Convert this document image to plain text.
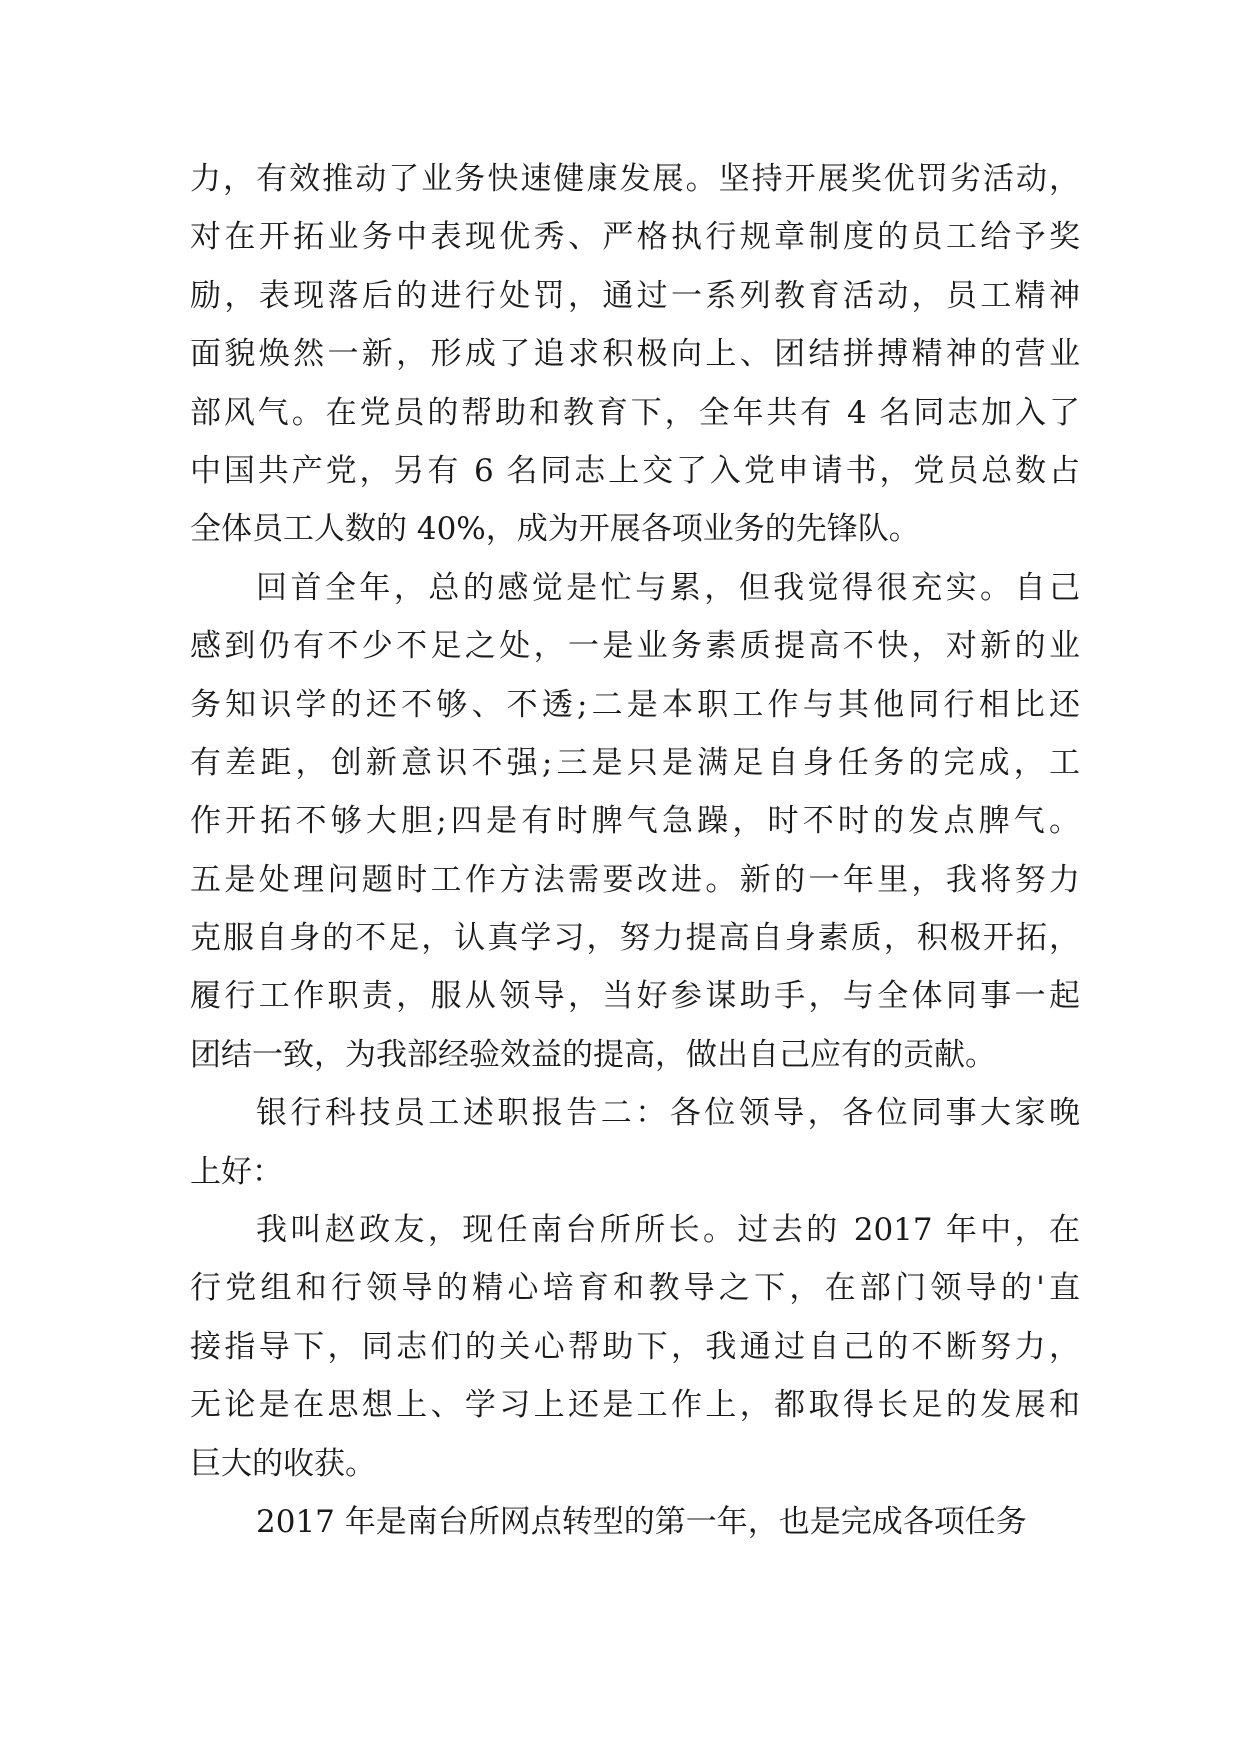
力，有效推动了业务快速健康发展。坚持开展奖优罚劣活动，
对在开拓业务中表现优秀、严格执行规章制度的员工给予奖
励，表现落后的进行处罚，通过一系列教育活动，员工精神
面貌焕然一新，形成了追求积极向上、团结拼搏精神的营业
部风气。在党员的帮助和教育下，全年共有 4 名同志加入了
中国共产党，另有 6 名同志上交了入党申请书，党员总数占
全体员工人数的 40%，成为开展各项业务的先锋队。
回首全年，总的感觉是忙与累，但我觉得很充实。自己
感到仍有不少不足之处，一是业务素质提高不快，对新的业
务知识学的还不够、不透;二是本职工作与其他同行相比还
有差距，创新意识不强;三是只是满足自身任务的完成，工
作开拓不够大胆;四是有时脾气急躁，时不时的发点脾气。
五是处理问题时工作方法需要改进。新的一年里，我将努力
克服自身的不足，认真学习，努力提高自身素质，积极开拓，
履行工作职责，服从领导，当好参谋助手，与全体同事一起
团结一致，为我部经验效益的提高，做出自己应有的贡献。
银行科技员工述职报告二：各位领导，各位同事大家晚
上好：
我叫赵政友，现任南台所所长。过去的 2017 年中，在
行党组和行领导的精心培育和教导之下，在部门领导的'直
接指导下，同志们的关心帮助下，我通过自己的不断努力，
无论是在思想上、学习上还是工作上，都取得长足的发展和
巨大的收获。
2017 年是南台所网点转型的第一年，也是完成各项任务
